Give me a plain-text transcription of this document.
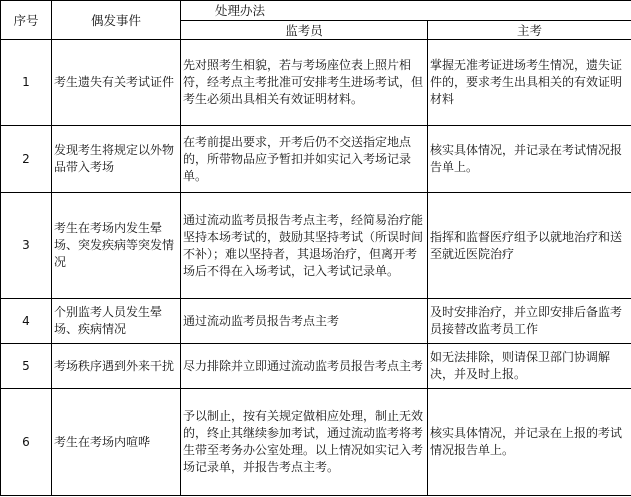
序号	偶发事件	处理办法	
		监考员	主考
1	考生遗失有关考试证件	先对照考生相貌，若与考场座位表上照片相符，经考点主考批准可安排考生进场考试，但考生必须出具相关有效证明材料。	掌握无准考证进场考生情况，遗失证件的，要求考生出具相关的有效证明材料
2	发现考生将规定以外物品带入考场	在考前提出要求，开考后仍不交送指定地点的，所带物品应予暂扣并如实记入考场记录单。	核实具体情况，并记录在考试情况报告单上。
3	考生在考场内发生晕场、突发疾病等突发情况	通过流动监考员报告考点主考，经简易治疗能坚持本场考试的，鼓励其坚持考试（所误时间不补）；难以坚持者，其退场治疗，但离开考场后不得在入场考试，记入考试记录单。	指挥和监督医疗组予以就地治疗和送至就近医院治疗
4	个别监考人员发生晕场、疾病情况	通过流动监考员报告考点主考	及时安排治疗，并立即安排后备监考员接替改监考员工作
5	考场秩序遇到外来干扰	尽力排除并立即通过流动监考员报告考点主考	如无法排除，则请保卫部门协调解决，并及时上报。
6	考生在考场内喧哗	予以制止，按有关规定做相应处理，制止无效的，终止其继续参加考试，通过流动监考将考生带至考务办公室处理。以上情况如实记入考场记录单，并报告考点主考。	核实具体情况，并记录在上报的考试情况报告单上。
